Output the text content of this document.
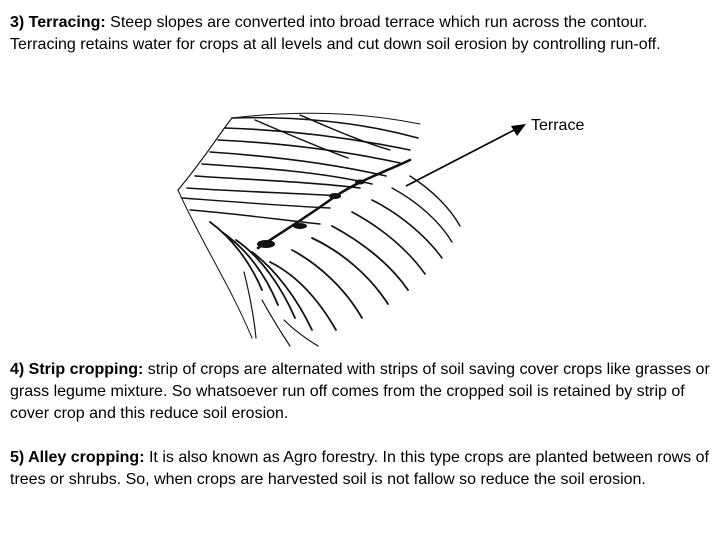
3) Terracing: Steep slopes are converted into broad terrace which run across the contour. Terracing retains water for crops at all levels and cut down soil erosion by controlling run-off.

Terrace

4) Strip cropping: strip of crops are alternated with strips of soil saving cover crops like grasses or grass legume mixture. So whatsoever run off comes from the cropped soil is retained by strip of cover crop and this reduce soil erosion.

5) Alley cropping: It is also known as Agro forestry. In this type crops are planted between rows of trees or shrubs. So, when crops are harvested soil is not fallow so reduce the soil erosion.
